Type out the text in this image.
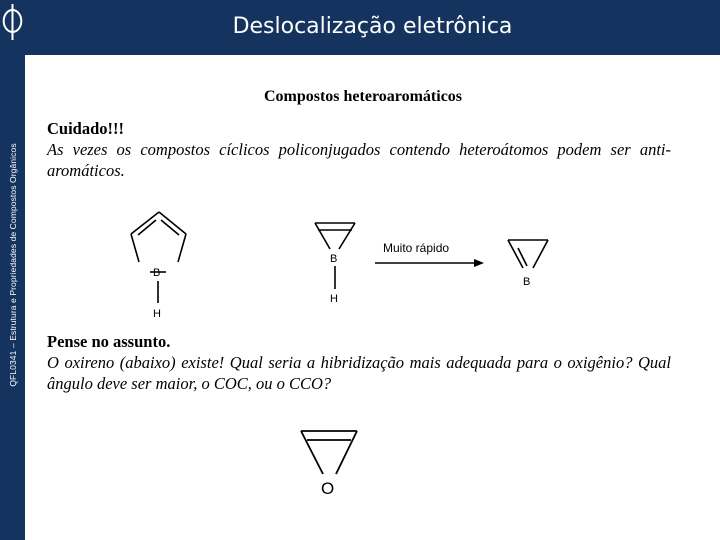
QFL0341 – Estrutura e Propriedades de Compostos Orgânicos
Deslocalização eletrônica
Compostos heteroaromáticos
Cuidado!!!
As vezes os compostos cíclicos policonjugados contendo heteroátomos podem ser anti-aromáticos.
Pense no assunto.
O oxireno (abaixo) existe! Qual seria a hibridização mais adequada para o oxigênio? Qual ângulo deve ser maior, o COC, ou o CCO?
B
H
B
H
Muito rápido
B
O
